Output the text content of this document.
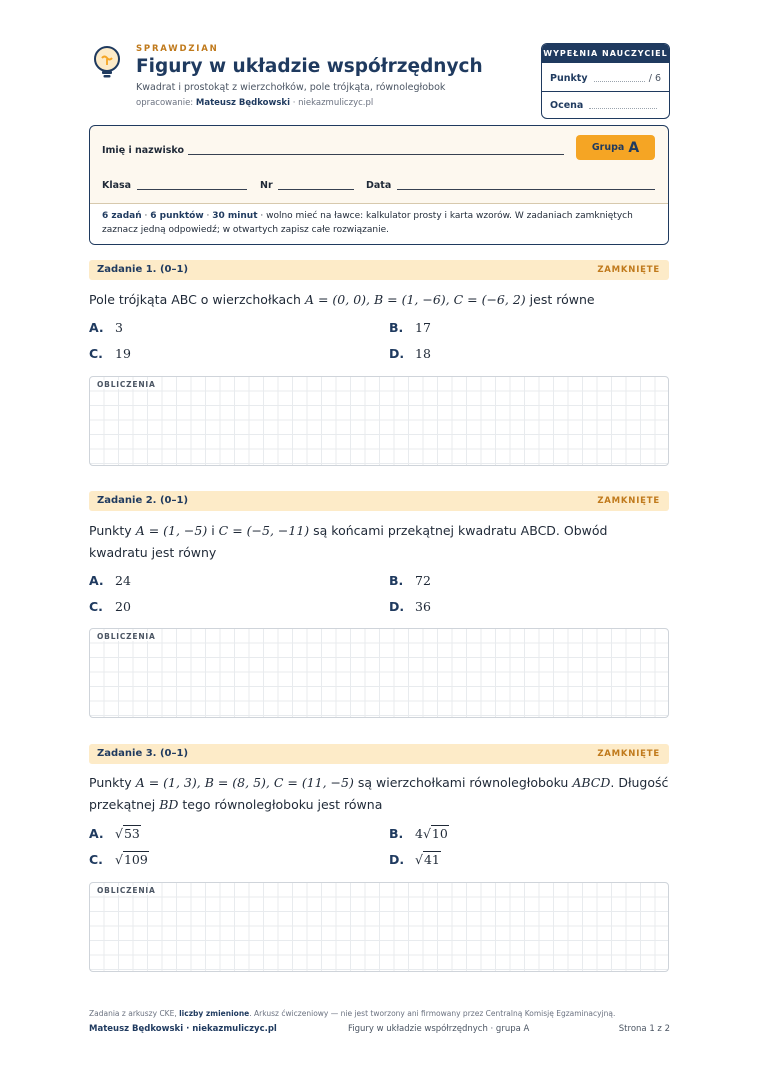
SPRAWDZIAN
Figury w układzie współrzędnych
Kwadrat i prostokąt z wierzchołków, pole trójkąta, równoległobok
opracowanie: Mateusz Będkowski · niekazmuliczyc.pl
WYPEŁNIA NAUCZYCIEL
Punkty	/ 6
Ocena
Imię i nazwisko	Grupa A
Klasa	Nr	Data
6 zadań · 6 punktów · 30 minut · wolno mieć na ławce: kalkulator prosty i karta wzorów. W zadaniach zamkniętych zaznacz jedną odpowiedź; w otwartych zapisz całe rozwiązanie.
Zadanie 1. (0–1)	ZAMKNIĘTE
Pole trójkąta ABC o wierzchołkach A = (0, 0), B = (1, −6), C = (−6, 2) jest równe
A. 3	B. 17
C. 19	D. 18
OBLICZENIA
Zadanie 2. (0–1)	ZAMKNIĘTE
Punkty A = (1, −5) i C = (−5, −11) są końcami przekątnej kwadratu ABCD. Obwód kwadratu jest równy
A. 24	B. 72
C. 20	D. 36
OBLICZENIA
Zadanie 3. (0–1)	ZAMKNIĘTE
Punkty A = (1, 3), B = (8, 5), C = (11, −5) są wierzchołkami równoległoboku ABCD. Długość przekątnej BD tego równoległoboku jest równa
A. √53	B. 4√10
C. √109	D. √41
OBLICZENIA
Zadania z arkuszy CKE, liczby zmienione. Arkusz ćwiczeniowy — nie jest tworzony ani firmowany przez Centralną Komisję Egzaminacyjną.
Mateusz Będkowski · niekazmuliczyc.pl	Figury w układzie współrzędnych · grupa A	Strona 1 z 2
